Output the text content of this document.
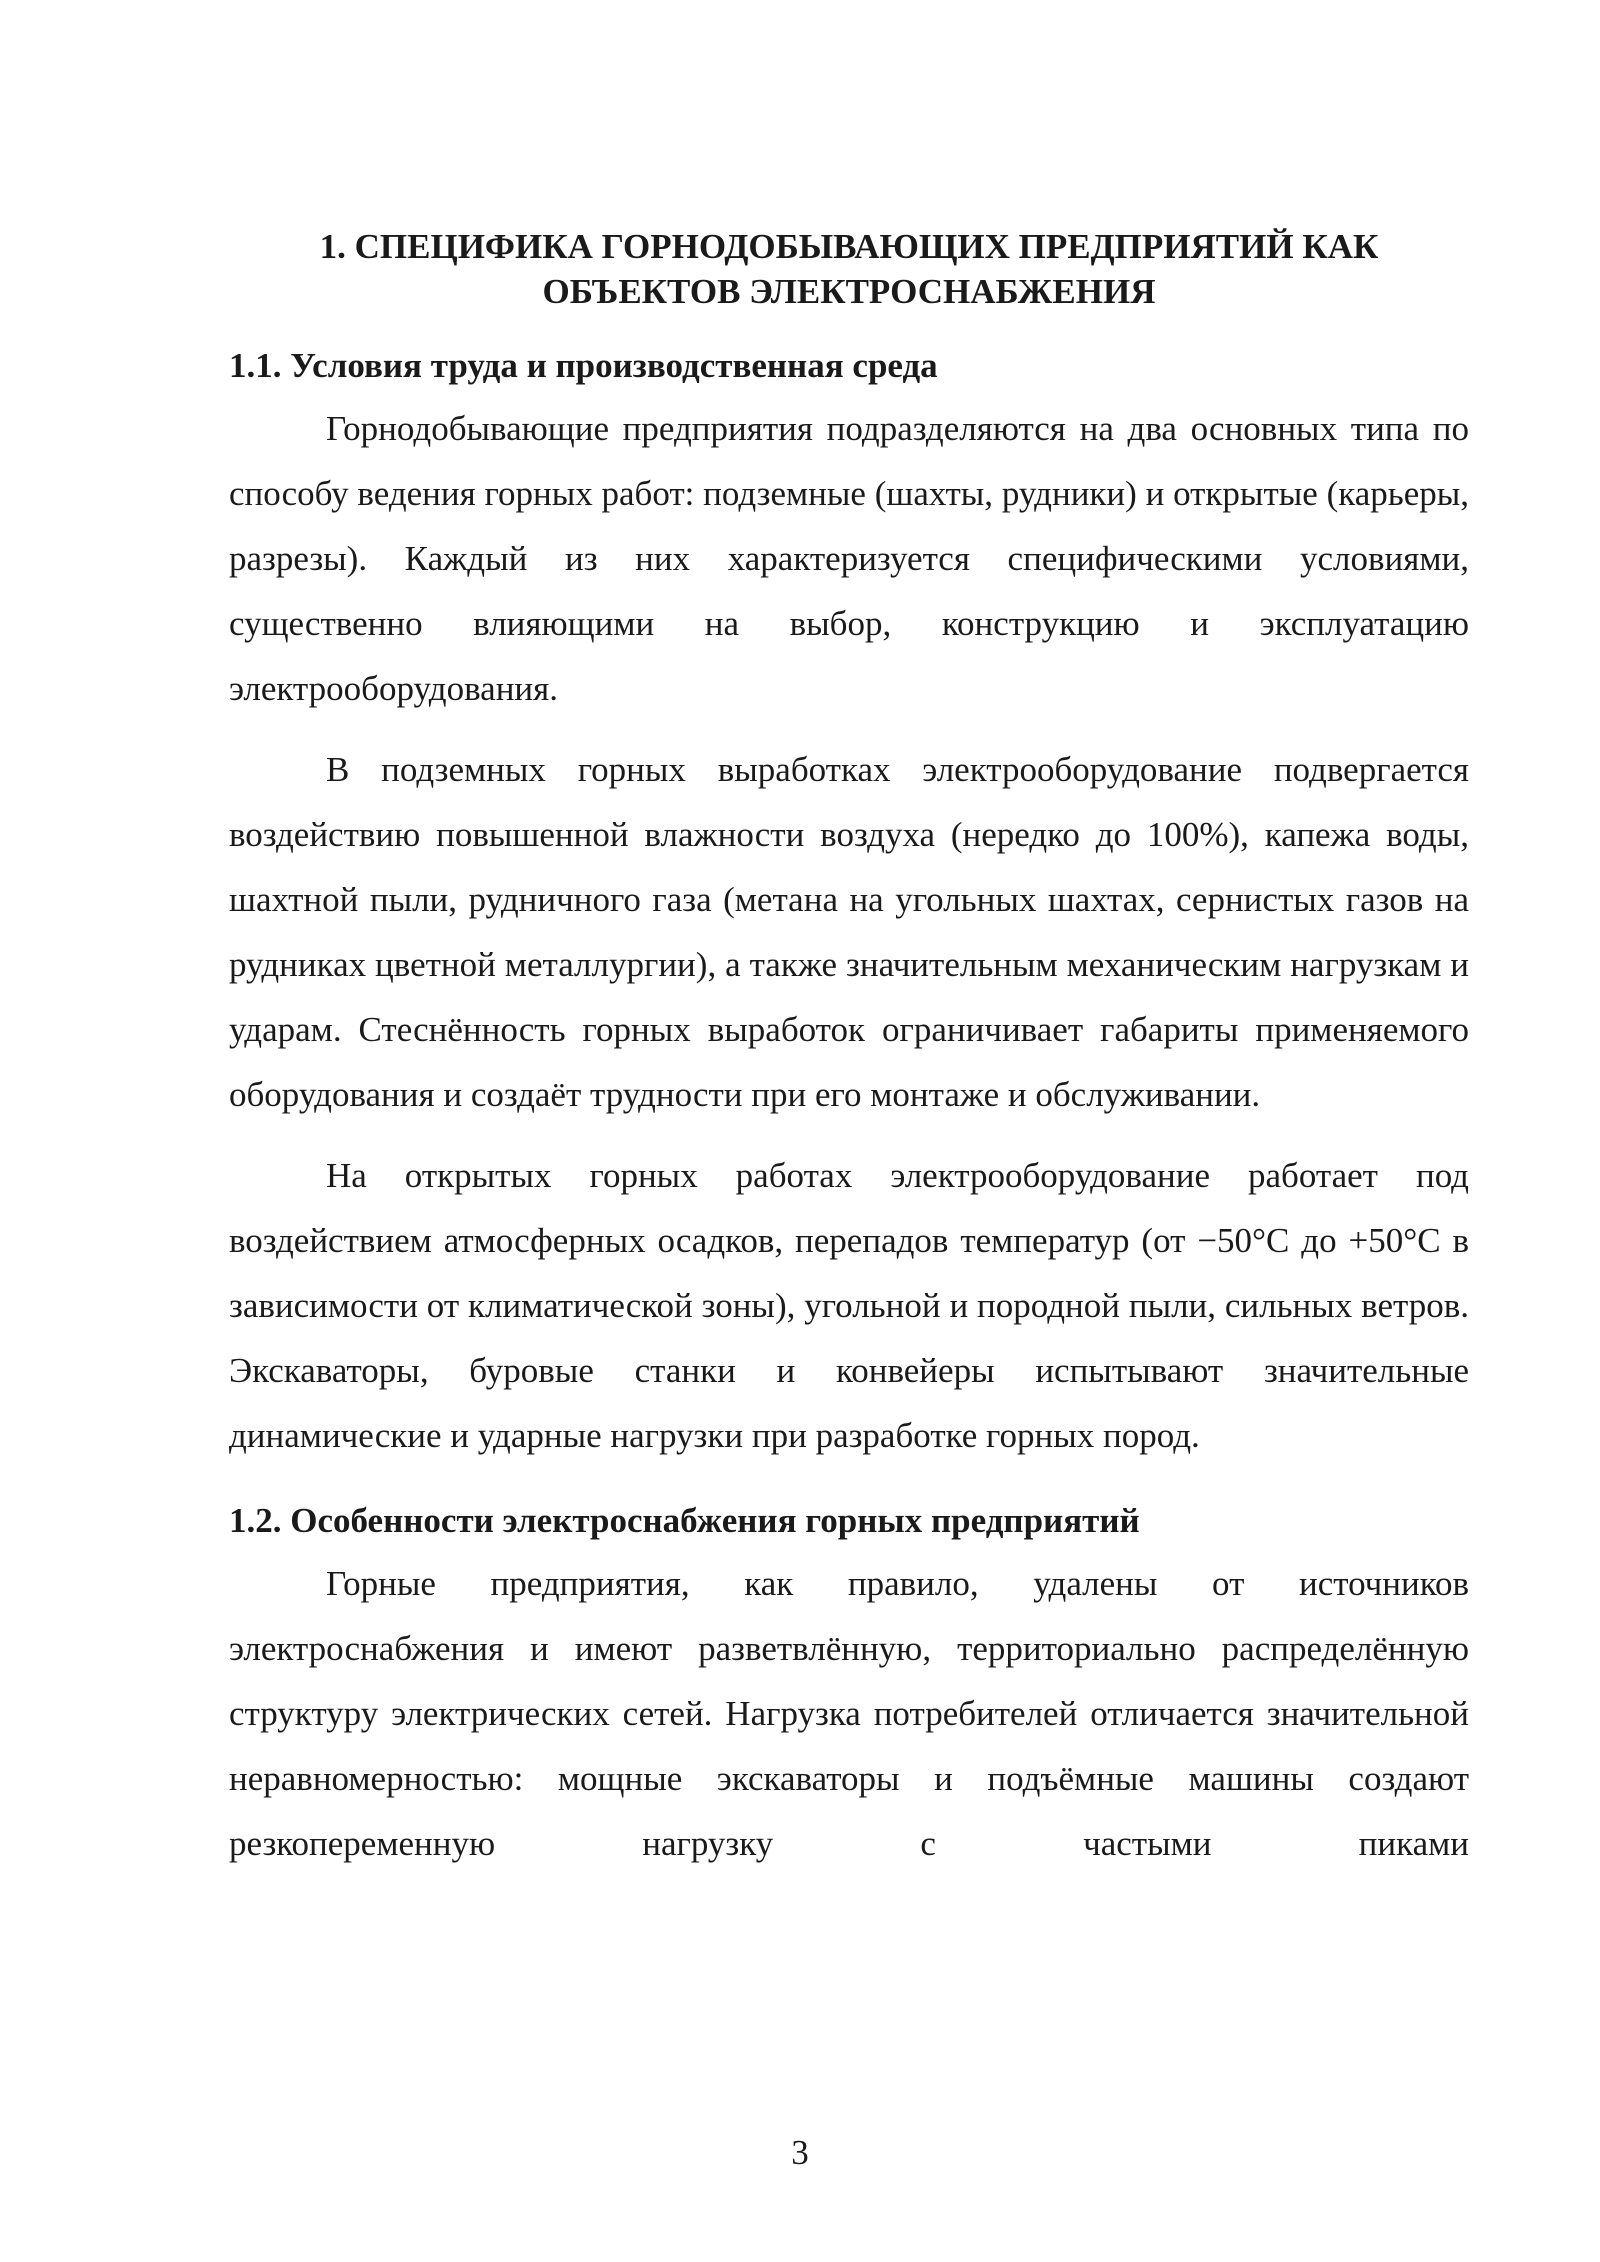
1. СПЕЦИФИКА ГОРНОДОБЫВАЮЩИХ ПРЕДПРИЯТИЙ КАК
ОБЪЕКТОВ ЭЛЕКТРОСНАБЖЕНИЯ
1.1. Условия труда и производственная среда

Горнодобывающие предприятия подразделяются на два основных типа по способу ведения горных работ: подземные (шахты, рудники) и открытые (карьеры, разрезы). Каждый из них характеризуется специфическими условиями, существенно влияющими на выбор, конструкцию и эксплуатацию электрооборудования.

В подземных горных выработках электрооборудование подвергается воздействию повышенной влажности воздуха (нередко до 100%), капежа воды, шахтной пыли, рудничного газа (метана на угольных шахтах, сернистых газов на рудниках цветной металлургии), а также значительным механическим нагрузкам и ударам. Стеснённость горных выработок ограничивает габариты применяемого оборудования и создаёт трудности при его монтаже и обслуживании.

На открытых горных работах электрооборудование работает под воздействием атмосферных осадков, перепадов температур (от −50°С до +50°С в зависимости от климатической зоны), угольной и породной пыли, сильных ветров. Экскаваторы, буровые станки и конвейеры испытывают значительные динамические и ударные нагрузки при разработке горных пород.

1.2. Особенности электроснабжения горных предприятий

Горные предприятия, как правило, удалены от источников электроснабжения и имеют разветвлённую, территориально распределённую структуру электрических сетей. Нагрузка потребителей отличается значительной неравномерностью: мощные экскаваторы и подъёмные машины создают резкопеременную нагрузку с частыми пиками

3
